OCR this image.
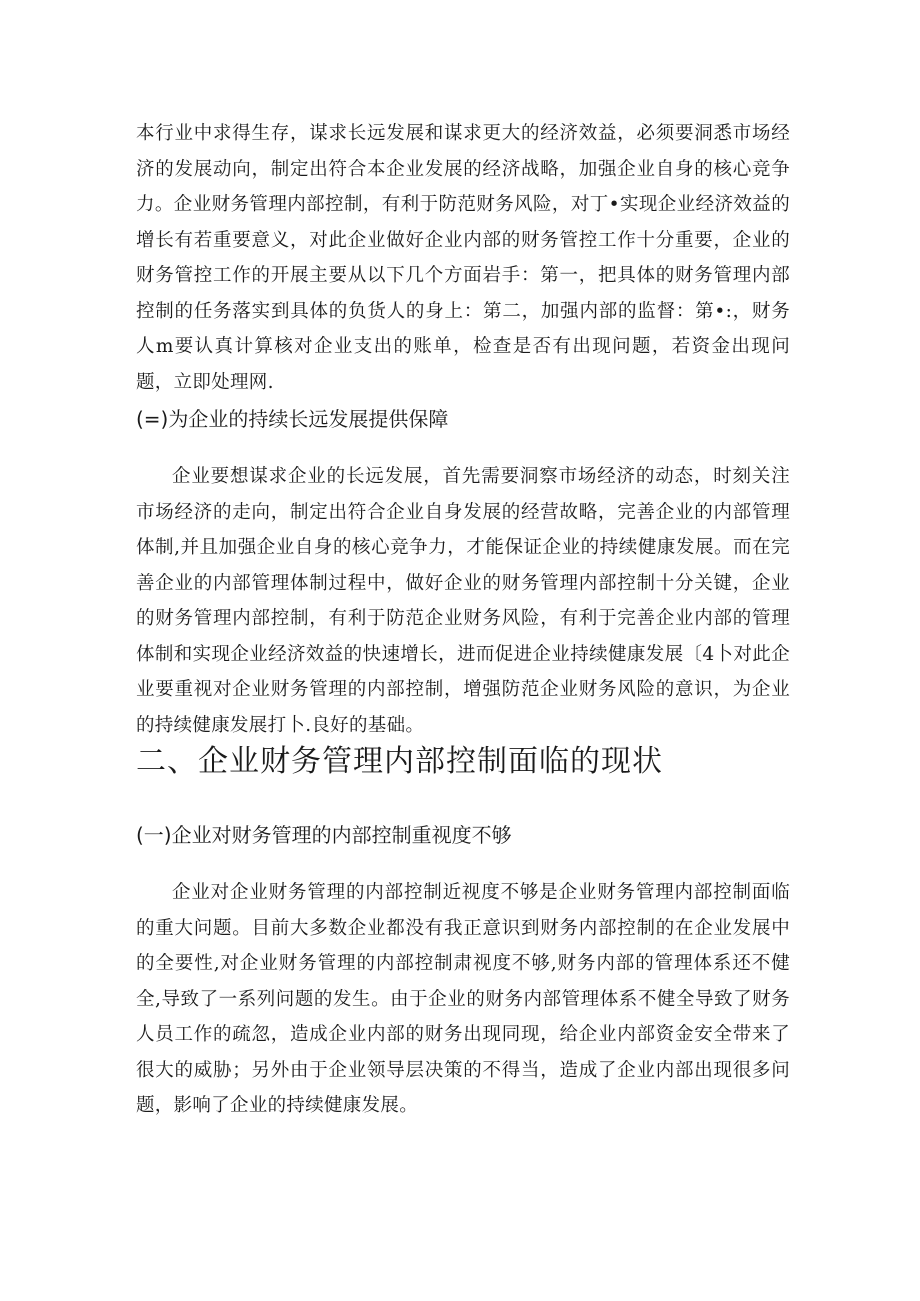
本行业中求得生存，谋求长远发展和谋求更大的经济效益，必须要洞悉市场经济的发展动向，制定出符合本企业发展的经济战略，加强企业自身的核心竞争力。企业财务管理内部控制，有利于防范财务风险，对丁•实现企业经济效益的增长有若重要意义，对此企业做好企业内部的财务管控工作十分重要，企业的财务管控工作的开展主要从以下几个方面岩手：第一，把具体的财务管理内部控制的任务落实到具体的负货人的身上：第二，加强内部的监督：第•:，财务人m要认真计算核对企业支出的账单，检查是否有出现问题，若资金出现问题，立即处理网.

(=)为企业的持续长远发展提供保障

企业要想谋求企业的长远发展，首先需要洞察市场经济的动态，时刻关注市场经济的走向，制定出符合企业自身发展的经营故略，完善企业的内部管理体制,并且加强企业自身的核心竞争力，才能保证企业的持续健康发展。而在完善企业的内部管理体制过程中，做好企业的财务管理内部控制十分关键，企业的财务管理内部控制，有利于防范企业财务风险，有利于完善企业内部的管理体制和实现企业经济效益的快速增长，进而促进企业持续健康发展〔4卜对此企业要重视对企业财务管理的内部控制，增强防范企业财务风险的意识，为企业的持续健康发展打卜.良好的基础。

二、企业财务管理内部控制面临的现状
(一)企业对财务管理的内部控制重视度不够

企业对企业财务管理的内部控制近视度不够是企业财务管理内部控制面临的重大问题。目前大多数企业都没有我正意识到财务内部控制的在企业发展中的全要性,对企业财务管理的内部控制肃视度不够,财务内部的管理体系还不健全,导致了一系列问题的发生。由于企业的财务内部管理体系不健全导致了财务人员工作的疏忽，造成企业内部的财务出现同现，给企业内部资金安全带来了很大的威胁；另外由于企业领导层决策的不得当，造成了企业内部出现很多问题，影响了企业的持续健康发展。
